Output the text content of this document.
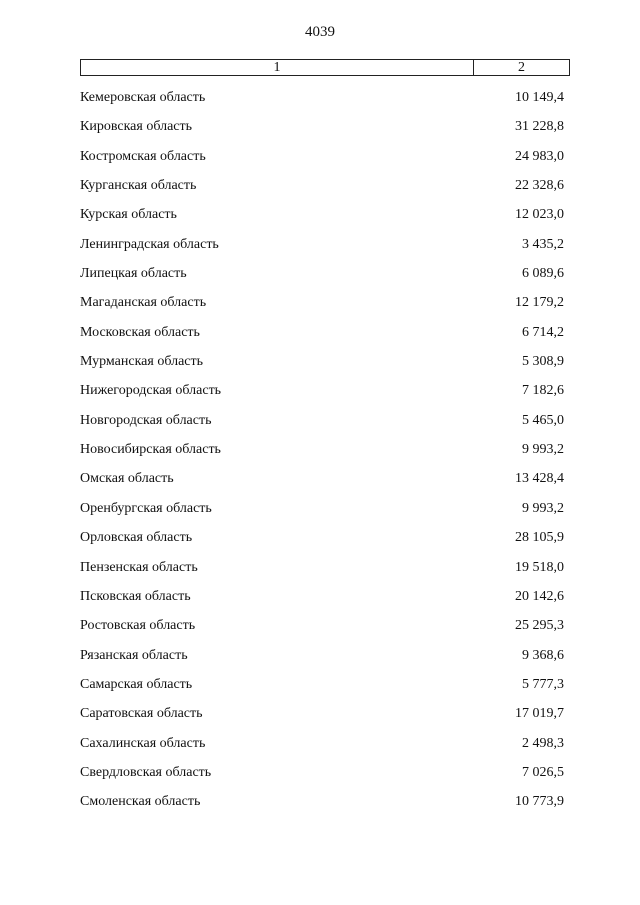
4039
1	2
Кемеровская область	10 149,4
Кировская область	31 228,8
Костромская область	24 983,0
Курганская область	22 328,6
Курская область	12 023,0
Ленинградская область	3 435,2
Липецкая область	6 089,6
Магаданская область	12 179,2
Московская область	6 714,2
Мурманская область	5 308,9
Нижегородская область	7 182,6
Новгородская область	5 465,0
Новосибирская область	9 993,2
Омская область	13 428,4
Оренбургская область	9 993,2
Орловская область	28 105,9
Пензенская область	19 518,0
Псковская область	20 142,6
Ростовская область	25 295,3
Рязанская область	9 368,6
Самарская область	5 777,3
Саратовская область	17 019,7
Сахалинская область	2 498,3
Свердловская область	7 026,5
Смоленская область	10 773,9
